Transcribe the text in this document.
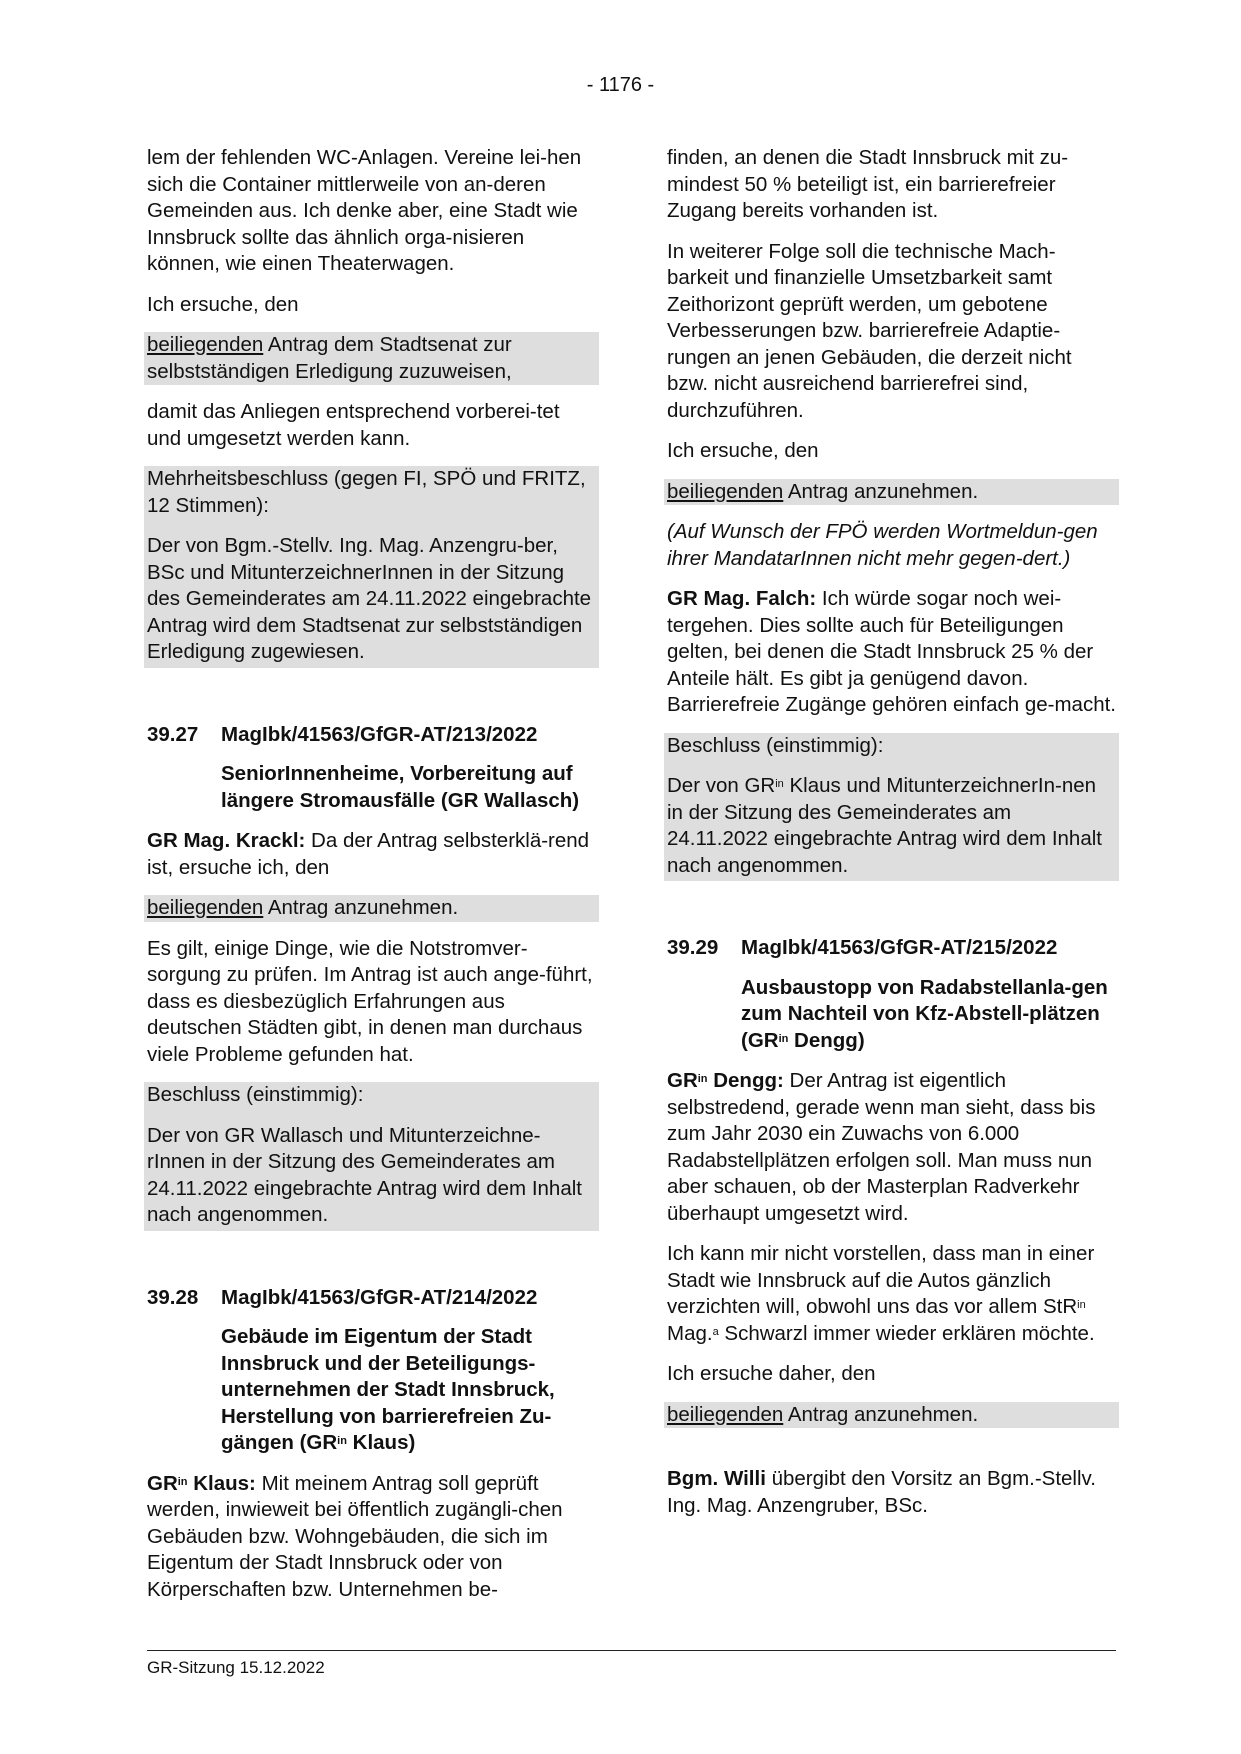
- 1176 -

lem der fehlenden WC-Anlagen. Vereine lei-hen sich die Container mittlerweile von an-deren Gemeinden aus. Ich denke aber, eine Stadt wie Innsbruck sollte das ähnlich orga-nisieren können, wie einen Theaterwagen.

Ich ersuche, den

beiliegenden Antrag dem Stadtsenat zur selbstständigen Erledigung zuzuweisen,

damit das Anliegen entsprechend vorberei-tet und umgesetzt werden kann.

Mehrheitsbeschluss (gegen FI, SPÖ und FRITZ, 12 Stimmen):

Der von Bgm.-Stellv. Ing. Mag. Anzengru-ber, BSc und MitunterzeichnerInnen in der Sitzung des Gemeinderates am 24.11.2022 eingebrachte Antrag wird dem Stadtsenat zur selbstständigen Erledigung zugewiesen.

39.27	MagIbk/41563/GfGR-AT/213/2022

SeniorInnenheime, Vorbereitung auf längere Stromausfälle (GR Wallasch)

GR Mag. Krackl: Da der Antrag selbsterklä-rend ist, ersuche ich, den

beiliegenden Antrag anzunehmen.

Es gilt, einige Dinge, wie die Notstromver-sorgung zu prüfen. Im Antrag ist auch ange-führt, dass es diesbezüglich Erfahrungen aus deutschen Städten gibt, in denen man durchaus viele Probleme gefunden hat.

Beschluss (einstimmig):

Der von GR Wallasch und Mitunterzeichne-rInnen in der Sitzung des Gemeinderates am 24.11.2022 eingebrachte Antrag wird dem Inhalt nach angenommen.

39.28	MagIbk/41563/GfGR-AT/214/2022

Gebäude im Eigentum der Stadt Innsbruck und der Beteiligungs-unternehmen der Stadt Innsbruck, Herstellung von barrierefreien Zu-gängen ($GR^{in}$ Klaus)

$GR^{in}$ Klaus: Mit meinem Antrag soll geprüft werden, inwieweit bei öffentlich zugängli-chen Gebäuden bzw. Wohngebäuden, die sich im Eigentum der Stadt Innsbruck oder von Körperschaften bzw. Unternehmen be-

finden, an denen die Stadt Innsbruck mit zu-mindest 50 % beteiligt ist, ein barrierefreier Zugang bereits vorhanden ist.

In weiterer Folge soll die technische Mach-barkeit und finanzielle Umsetzbarkeit samt Zeithorizont geprüft werden, um gebotene Verbesserungen bzw. barrierefreie Adaptie-rungen an jenen Gebäuden, die derzeit nicht bzw. nicht ausreichend barrierefrei sind, durchzuführen.

Ich ersuche, den

beiliegenden Antrag anzunehmen.

(Auf Wunsch der FPÖ werden Wortmeldun-gen ihrer MandatarInnen nicht mehr gegen-dert.)

GR Mag. Falch: Ich würde sogar noch wei-tergehen. Dies sollte auch für Beteiligungen gelten, bei denen die Stadt Innsbruck 25 % der Anteile hält. Es gibt ja genügend davon. Barrierefreie Zugänge gehören einfach ge-macht.

Beschluss (einstimmig):

Der von $GR^{in}$ Klaus und MitunterzeichnerIn-nen in der Sitzung des Gemeinderates am 24.11.2022 eingebrachte Antrag wird dem Inhalt nach angenommen.

39.29	MagIbk/41563/GfGR-AT/215/2022

Ausbaustopp von Radabstellanla-gen zum Nachteil von Kfz-Abstell-plätzen ($GR^{in}$ Dengg)

$GR^{in}$ Dengg: Der Antrag ist eigentlich selbstredend, gerade wenn man sieht, dass bis zum Jahr 2030 ein Zuwachs von 6.000 Radabstellplätzen erfolgen soll. Man muss nun aber schauen, ob der Masterplan Radverkehr überhaupt umgesetzt wird.

Ich kann mir nicht vorstellen, dass man in einer Stadt wie Innsbruck auf die Autos gänzlich verzichten will, obwohl uns das vor allem StR$^{in}$ Mag.$^a$ Schwarzl immer wieder erklären möchte.

Ich ersuche daher, den

beiliegenden Antrag anzunehmen.

Bgm. Willi übergibt den Vorsitz an Bgm.-Stellv. Ing. Mag. Anzengruber, BSc.

GR-Sitzung 15.12.2022
